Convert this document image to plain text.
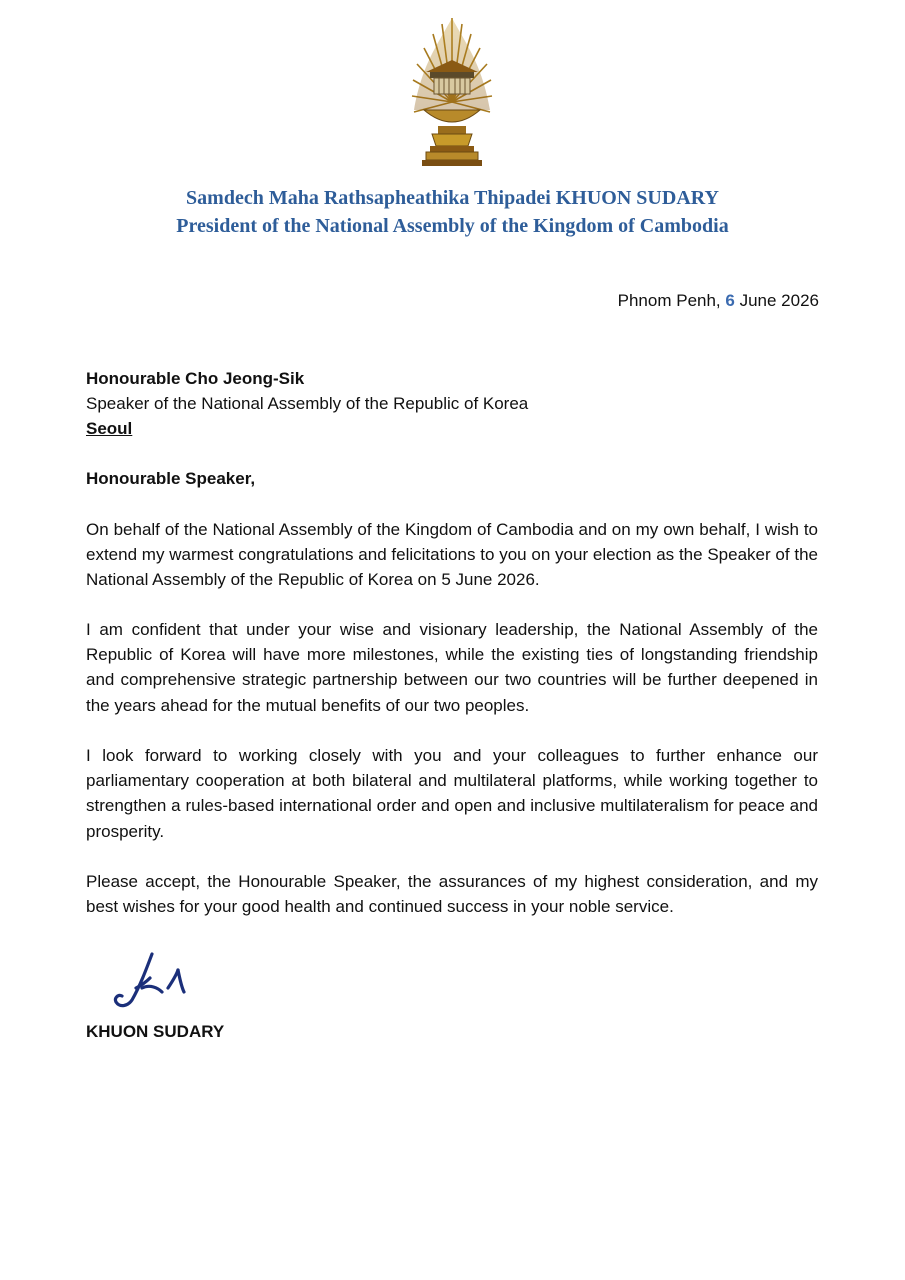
Samdech Maha Rathsapheathika Thipadei KHUON SUDARY
President of the National Assembly of the Kingdom of Cambodia
Phnom Penh, 6 June 2026
Honourable Cho Jeong-Sik
Speaker of the National Assembly of the Republic of Korea
Seoul
Honourable Speaker,

On behalf of the National Assembly of the Kingdom of Cambodia and on my own behalf, I wish to extend my warmest congratulations and felicitations to you on your election as the Speaker of the National Assembly of the Republic of Korea on 5 June 2026.

I am confident that under your wise and visionary leadership, the National Assembly of the Republic of Korea will have more milestones, while the existing ties of longstanding friendship and comprehensive strategic partnership between our two countries will be further deepened in the years ahead for the mutual benefits of our two peoples.

I look forward to working closely with you and your colleagues to further enhance our parliamentary cooperation at both bilateral and multilateral platforms, while working together to strengthen a rules-based international order and open and inclusive multilateralism for peace and prosperity.

Please accept, the Honourable Speaker, the assurances of my highest consideration, and my best wishes for your good health and continued success in your noble service.

KHUON SUDARY
